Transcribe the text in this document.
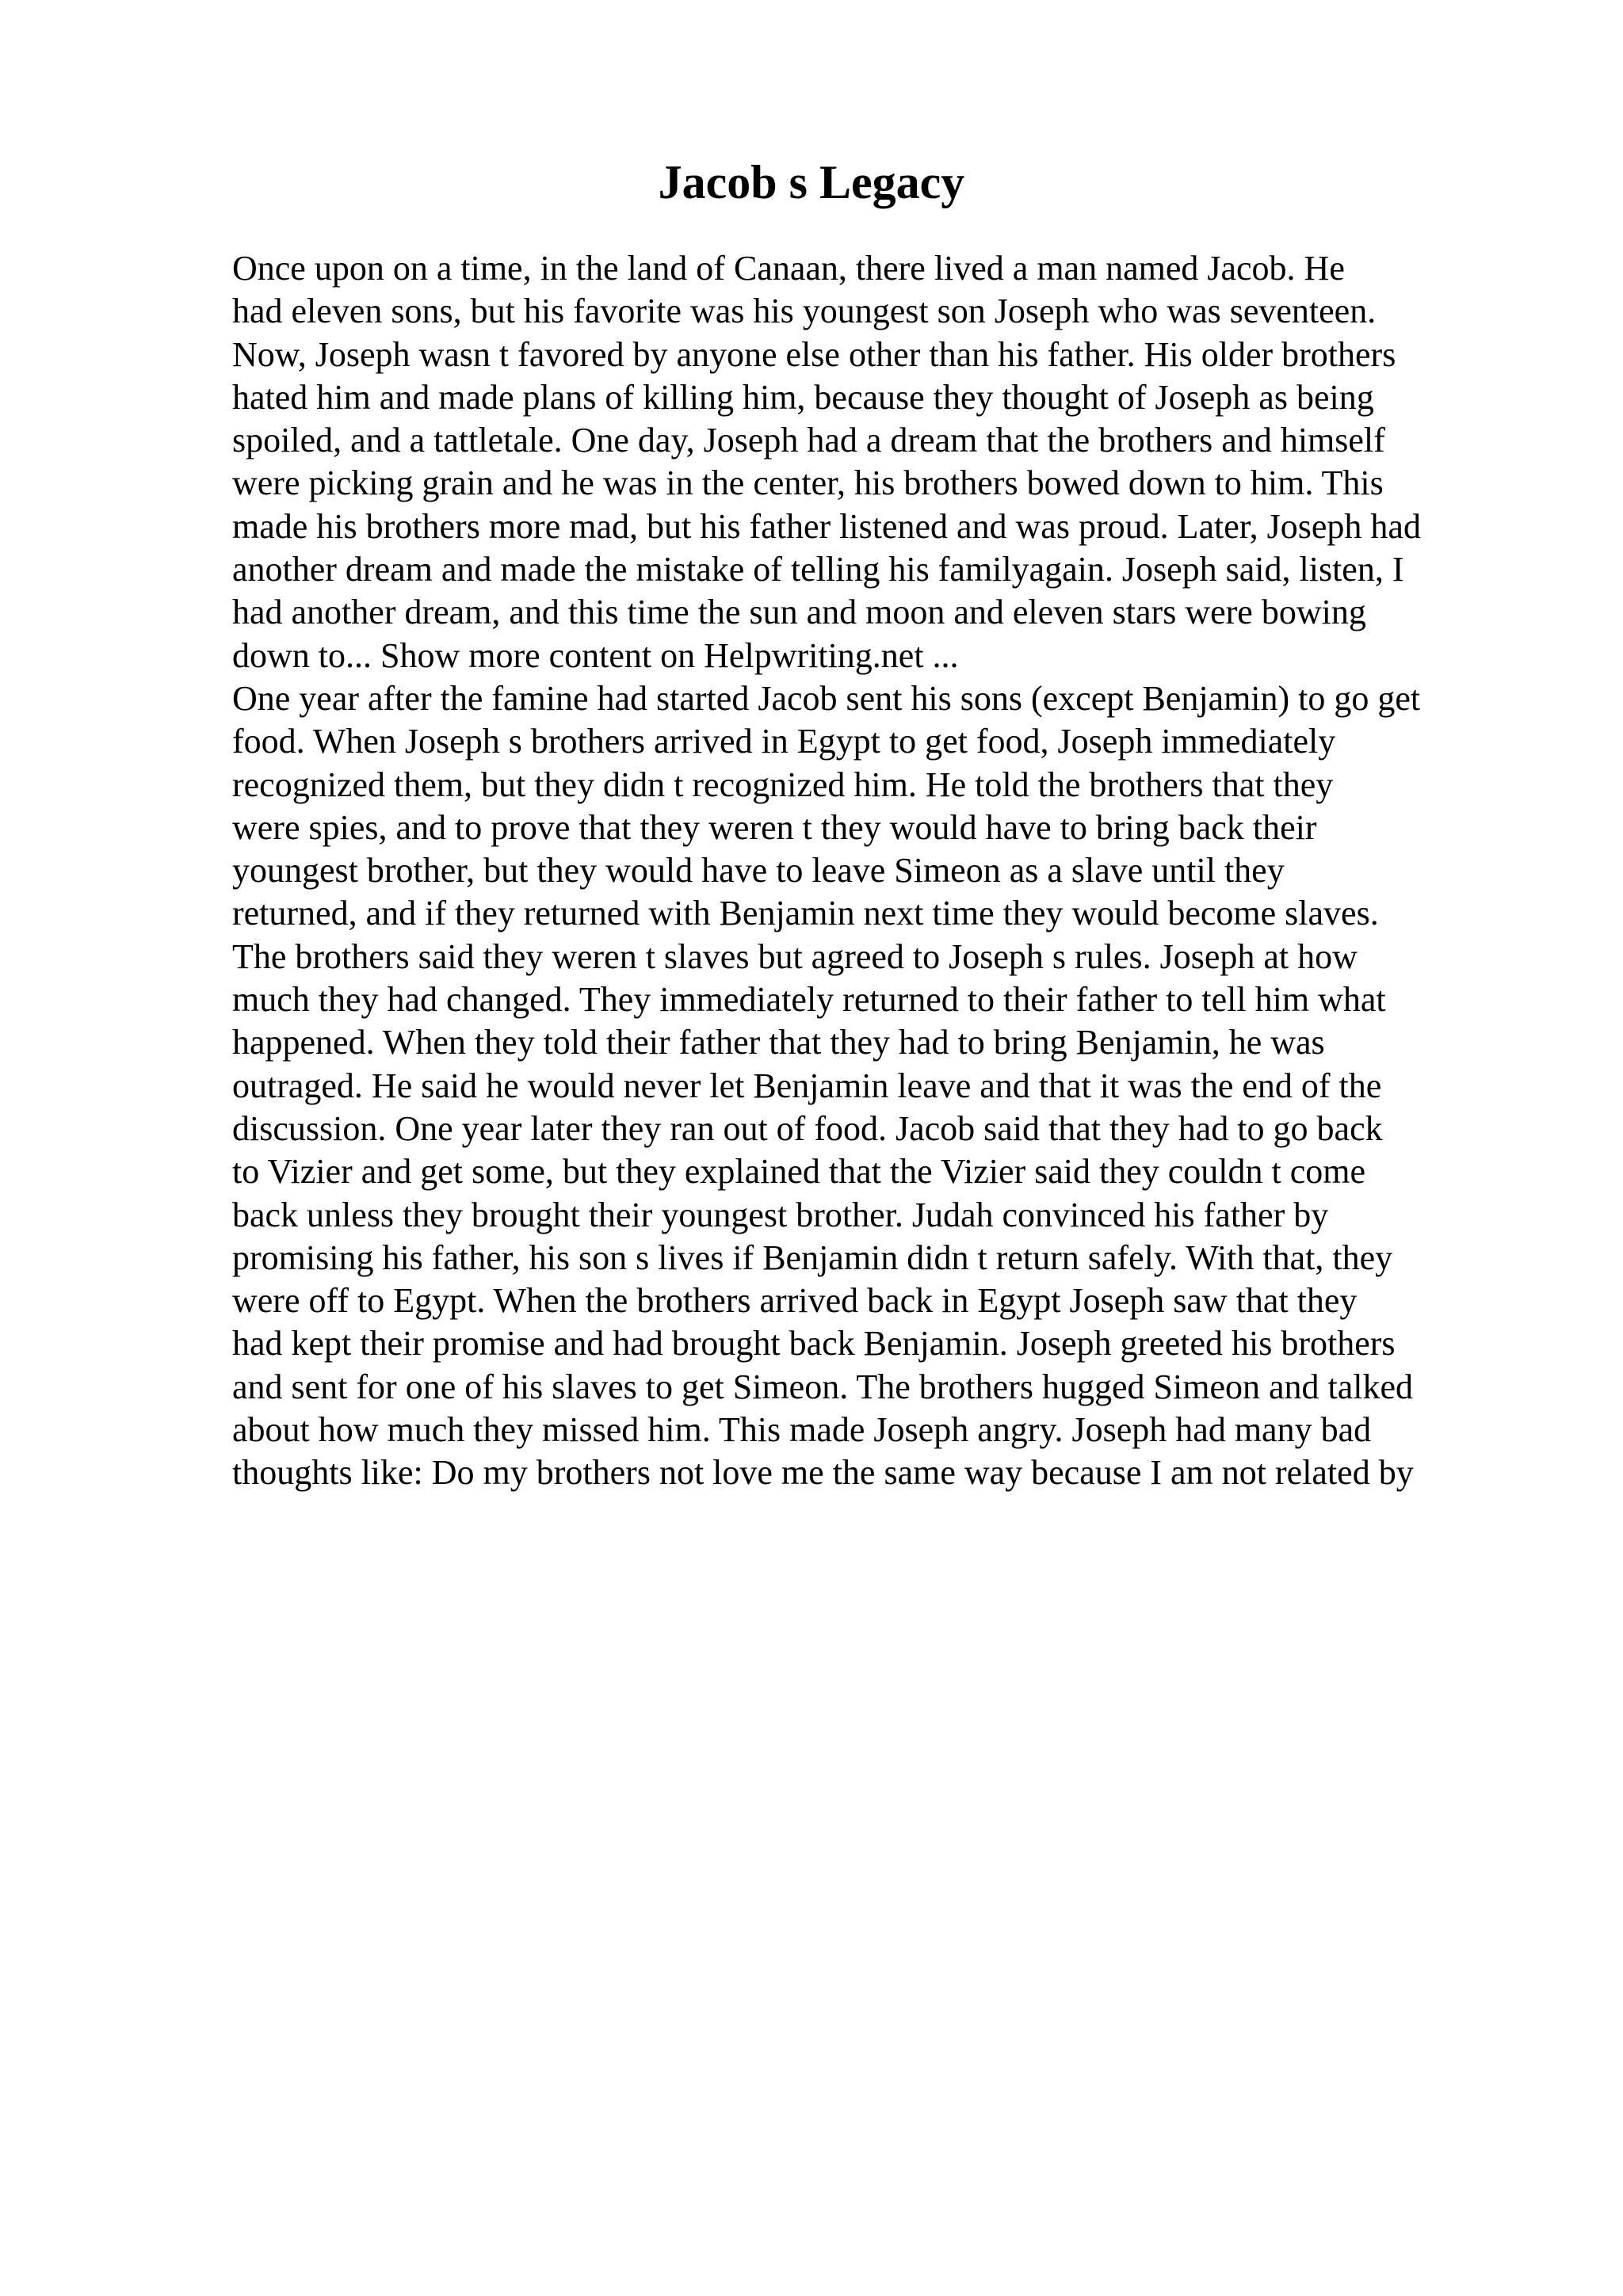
Jacob s Legacy

Once upon on a time, in the land of Canaan, there lived a man named Jacob. He

had eleven sons, but his favorite was his youngest son Joseph who was seventeen.

Now, Joseph wasn t favored by anyone else other than his father. His older brothers

hated him and made plans of killing him, because they thought of Joseph as being

spoiled, and a tattletale. One day, Joseph had a dream that the brothers and himself

were picking grain and he was in the center, his brothers bowed down to him. This

made his brothers more mad, but his father listened and was proud. Later, Joseph had

another dream and made the mistake of telling his familyagain. Joseph said, listen, I

had another dream, and this time the sun and moon and eleven stars were bowing

down to... Show more content on Helpwriting.net ...

One year after the famine had started Jacob sent his sons (except Benjamin) to go get

food. When Joseph s brothers arrived in Egypt to get food, Joseph immediately

recognized them, but they didn t recognized him. He told the brothers that they

were spies, and to prove that they weren t they would have to bring back their

youngest brother, but they would have to leave Simeon as a slave until they

returned, and if they returned with Benjamin next time they would become slaves.

The brothers said they weren t slaves but agreed to Joseph s rules. Joseph at how

much they had changed. They immediately returned to their father to tell him what

happened. When they told their father that they had to bring Benjamin, he was

outraged. He said he would never let Benjamin leave and that it was the end of the

discussion. One year later they ran out of food. Jacob said that they had to go back

to Vizier and get some, but they explained that the Vizier said they couldn t come

back unless they brought their youngest brother. Judah convinced his father by

promising his father, his son s lives if Benjamin didn t return safely. With that, they

were off to Egypt. When the brothers arrived back in Egypt Joseph saw that they

had kept their promise and had brought back Benjamin. Joseph greeted his brothers

and sent for one of his slaves to get Simeon. The brothers hugged Simeon and talked

about how much they missed him. This made Joseph angry. Joseph had many bad

thoughts like: Do my brothers not love me the same way because I am not related by
